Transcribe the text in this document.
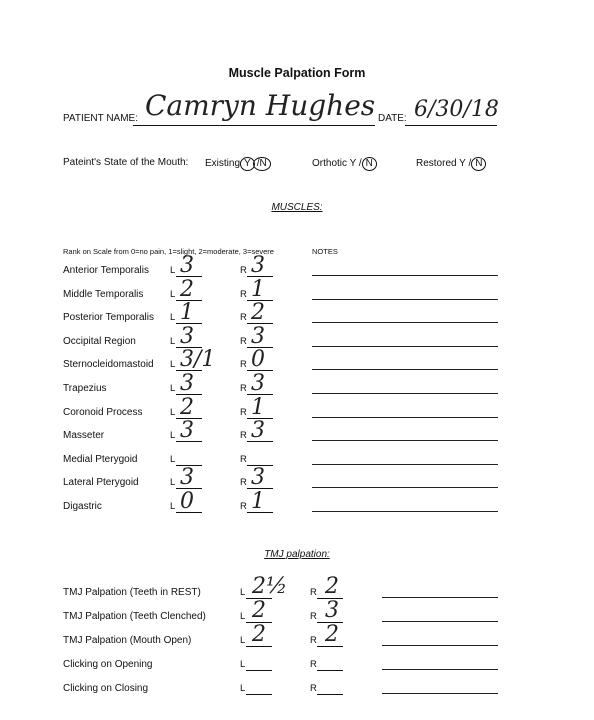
Muscle Palpation Form
PATIENT NAME: Camryn Hughes DATE: 6/30/18
Pateint's State of the Mouth: Existing Y /N	Orthotic Y / N	Restored Y / N
MUSCLES:
Rank on Scale from 0=no pain, 1=slight, 2=moderate, 3=severe	NOTES
Anterior Temporalis L 3	R 3
Middle Temporalis	L 2	R 1
Posterior Temporalis L 1	R 2
Occipital Region	L 3	R 3
Sternocleidomastoid L 3/1	R 0
Trapezius	L 3	R 3
Coronoid Process	L 2	R 1
Masseter	L 3	R 3
Medial Pterygoid	L	R
Lateral Pterygoid	L 3	R 3
Digastric	L 0	R 1
TMJ palpation:
TMJ Palpation (Teeth in REST)	L 2½ R 2
TMJ Palpation (Teeth Clenched)	L 2	R 3
TMJ Palpation (Mouth Open)	L 2	R 2
Clicking on Opening	L	R
Clicking on Closing	L	R
